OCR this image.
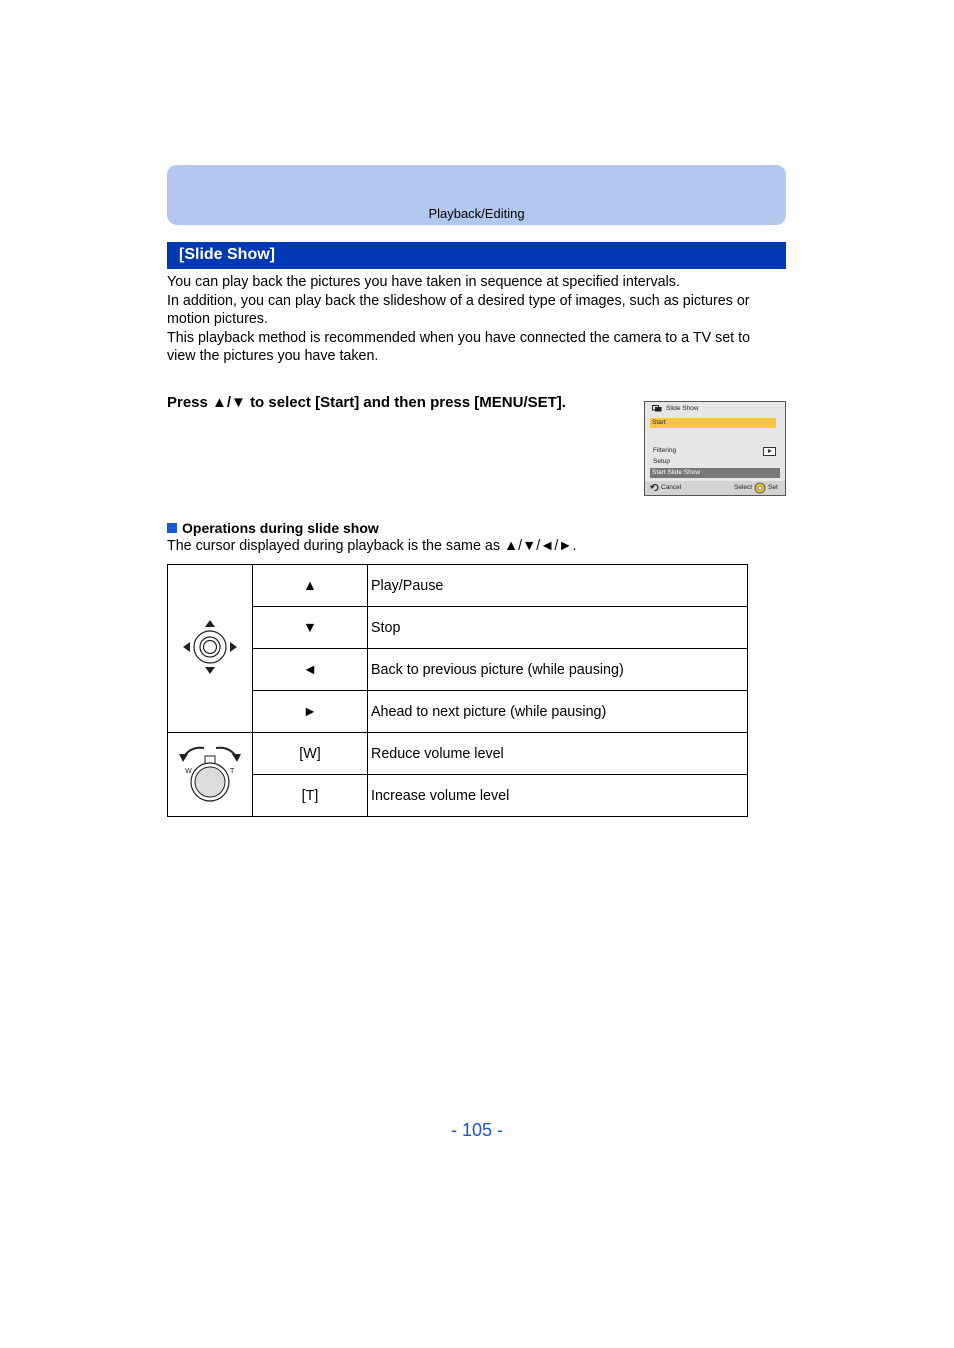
Playback/Editing
[Slide Show]

You can play back the pictures you have taken in sequence at specified intervals.
In addition, you can play back the slideshow of a desired type of images, such as pictures or
motion pictures.
This playback method is recommended when you have connected the camera to a TV set to
view the pictures you have taken.

Press ▲/▼ to select [Start] and then press [MENU/SET].	Slide Show
Start
Filtering
Setup
Start Slide Show
Cancel	Select Set
Operations during slide show
The cursor displayed during playback is the same as ▲/▼/◄/►.
	▲	Play/Pause
	▼	Stop
	◄	Back to previous picture (while pausing)
	►	Ahead to next picture (while pausing)

W T	[W]	Reduce volume level
	[T]	Increase volume level
- 105 -
